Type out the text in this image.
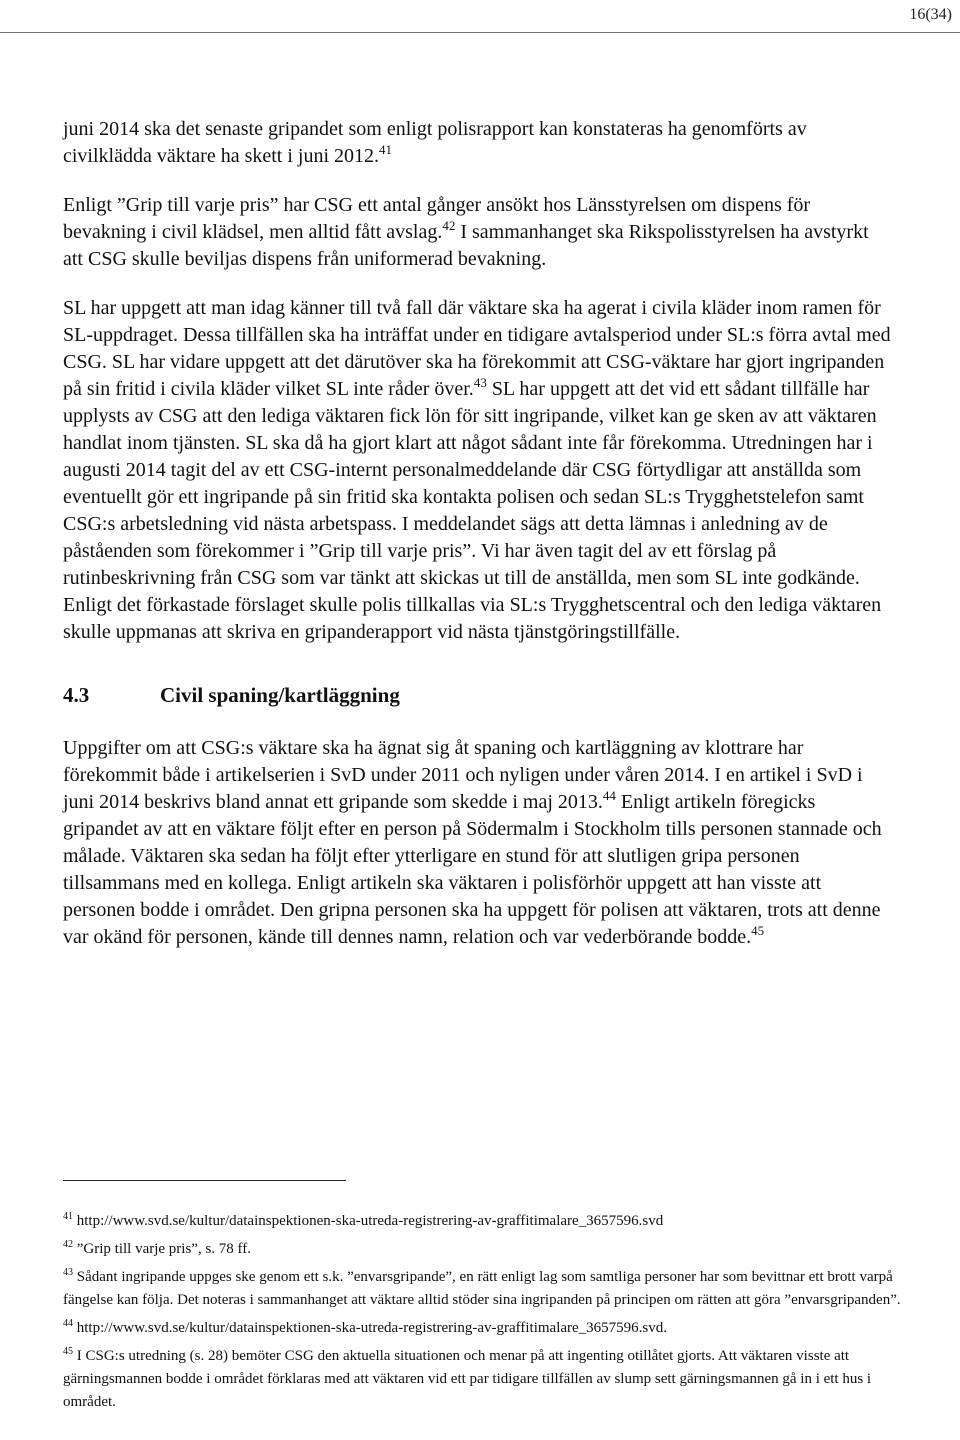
16(34)

juni 2014 ska det senaste gripandet som enligt polisrapport kan konstateras ha genomförts av civilklädda väktare ha skett i juni 2012.41

Enligt ”Grip till varje pris” har CSG ett antal gånger ansökt hos Länsstyrelsen om dispens för bevakning i civil klädsel, men alltid fått avslag.$^{42}$ I sammanhanget ska Rikspolisstyrelsen ha avstyrkt att CSG skulle beviljas dispens från uniformerad bevakning.

SL har uppgett att man idag känner till två fall där väktare ska ha agerat i civila kläder inom ramen för SL-uppdraget. Dessa tillfällen ska ha inträffat under en tidigare avtalsperiod under SL:s förra avtal med CSG. SL har vidare uppgett att det därutöver ska ha förekommit att CSG-väktare har gjort ingripanden på sin fritid i civila kläder vilket SL inte råder över.$^{43}$ SL har uppgett att det vid ett sådant tillfälle har upplysts av CSG att den lediga väktaren fick lön för sitt ingripande, vilket kan ge sken av att väktaren handlat inom tjänsten. SL ska då ha gjort klart att något sådant inte får förekomma. Utredningen har i augusti 2014 tagit del av ett CSG-internt personalmeddelande där CSG förtydligar att anställda som eventuellt gör ett ingripande på sin fritid ska kontakta polisen och sedan SL:s Trygghetstelefon samt CSG:s arbetsledning vid nästa arbetspass. I meddelandet sägs att detta lämnas i anledning av de påståenden som förekommer i ”Grip till varje pris”. Vi har även tagit del av ett förslag på rutinbeskrivning från CSG som var tänkt att skickas ut till de anställda, men som SL inte godkände. Enligt det förkastade förslaget skulle polis tillkallas via SL:s Trygghetscentral och den lediga väktaren skulle uppmanas att skriva en gripanderapport vid nästa tjänstgöringstillfälle.

4.3	Civil spaning/kartläggning

Uppgifter om att CSG:s väktare ska ha ägnat sig åt spaning och kartläggning av klottrare har förekommit både i artikelserien i SvD under 2011 och nyligen under våren 2014. I en artikel i SvD i juni 2014 beskrivs bland annat ett gripande som skedde i maj 2013.44 Enligt artikeln föregicks gripandet av att en väktare följt efter en person på Södermalm i Stockholm tills personen stannade och målade. Väktaren ska sedan ha följt efter ytterligare en stund för att slutligen gripa personen tillsammans med en kollega. Enligt artikeln ska väktaren i polisförhör uppgett att han visste att personen bodde i området. Den gripna personen ska ha uppgett för polisen att väktaren, trots att denne var okänd för personen, kände till dennes namn, relation och var vederbörande bodde.$^{45}$

$^{41}$ http://www.svd.se/kultur/datainspektionen-ska-utreda-registrering-av-graffitimalare_3657596.svd

$^{42}$ ”Grip till varje pris”, s. 78 ff.

$^{43}$ Sådant ingripande uppges ske genom ett s.k. ”envarsgripande”, en rätt enligt lag som samtliga personer har som bevittnar ett brott varpå fängelse kan följa. Det noteras i sammanhanget att väktare alltid stöder sina ingripanden på principen om rätten att göra ”envarsgripanden”.

$^{44}$ http://www.svd.se/kultur/datainspektionen-ska-utreda-registrering-av-graffitimalare_3657596.svd.

$^{45}$ I CSG:s utredning (s. 28) bemöter CSG den aktuella situationen och menar på att ingenting otillåtet gjorts. Att väktaren visste att gärningsmannen bodde i området förklaras med att väktaren vid ett par tidigare tillfällen av slump sett gärningsmannen gå in i ett hus i området.
